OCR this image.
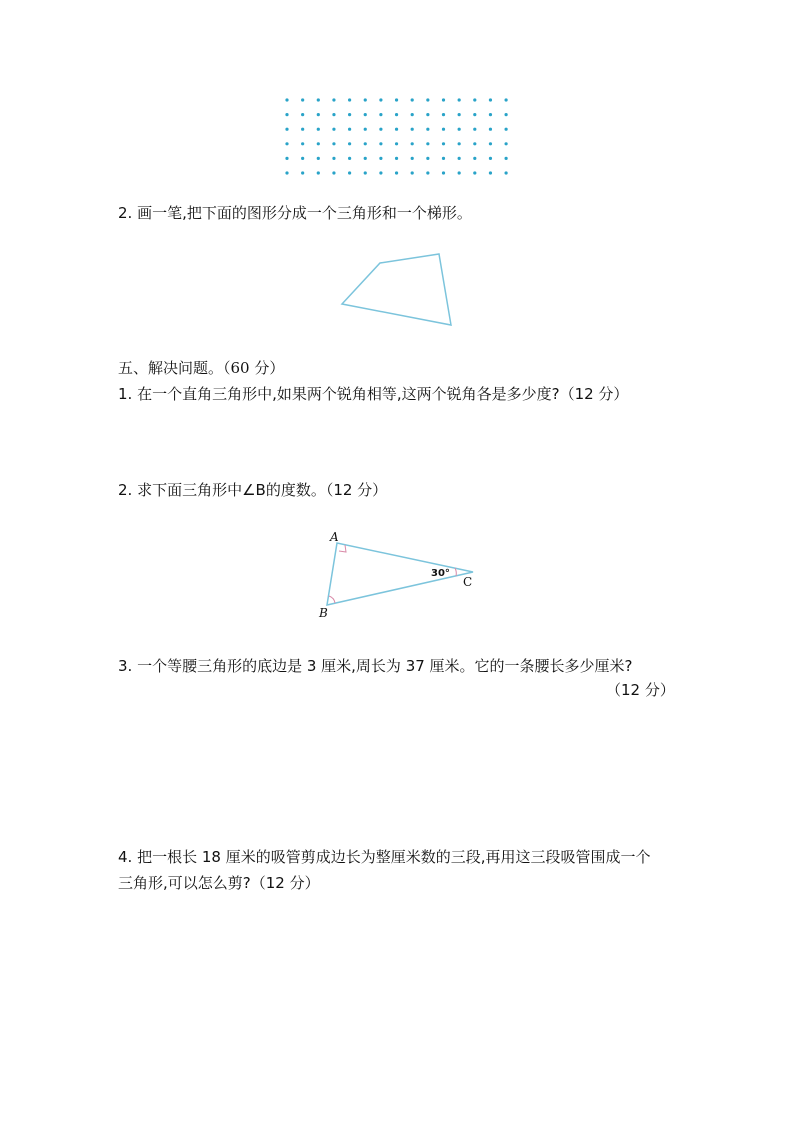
A
B
C
30°
2. 画一笔,把下面的图形分成一个三角形和一个梯形。
五、解决问题。（60 分）
1. 在一个直角三角形中,如果两个锐角相等,这两个锐角各是多少度?（12 分）
2. 求下面三角形中∠B的度数。（12 分）
3. 一个等腰三角形的底边是 3 厘米,周长为 37 厘米。它的一条腰长多少厘米?
（12 分）
4. 把一根长 18 厘米的吸管剪成边长为整厘米数的三段,再用这三段吸管围成一个
三角形,可以怎么剪?（12 分）
